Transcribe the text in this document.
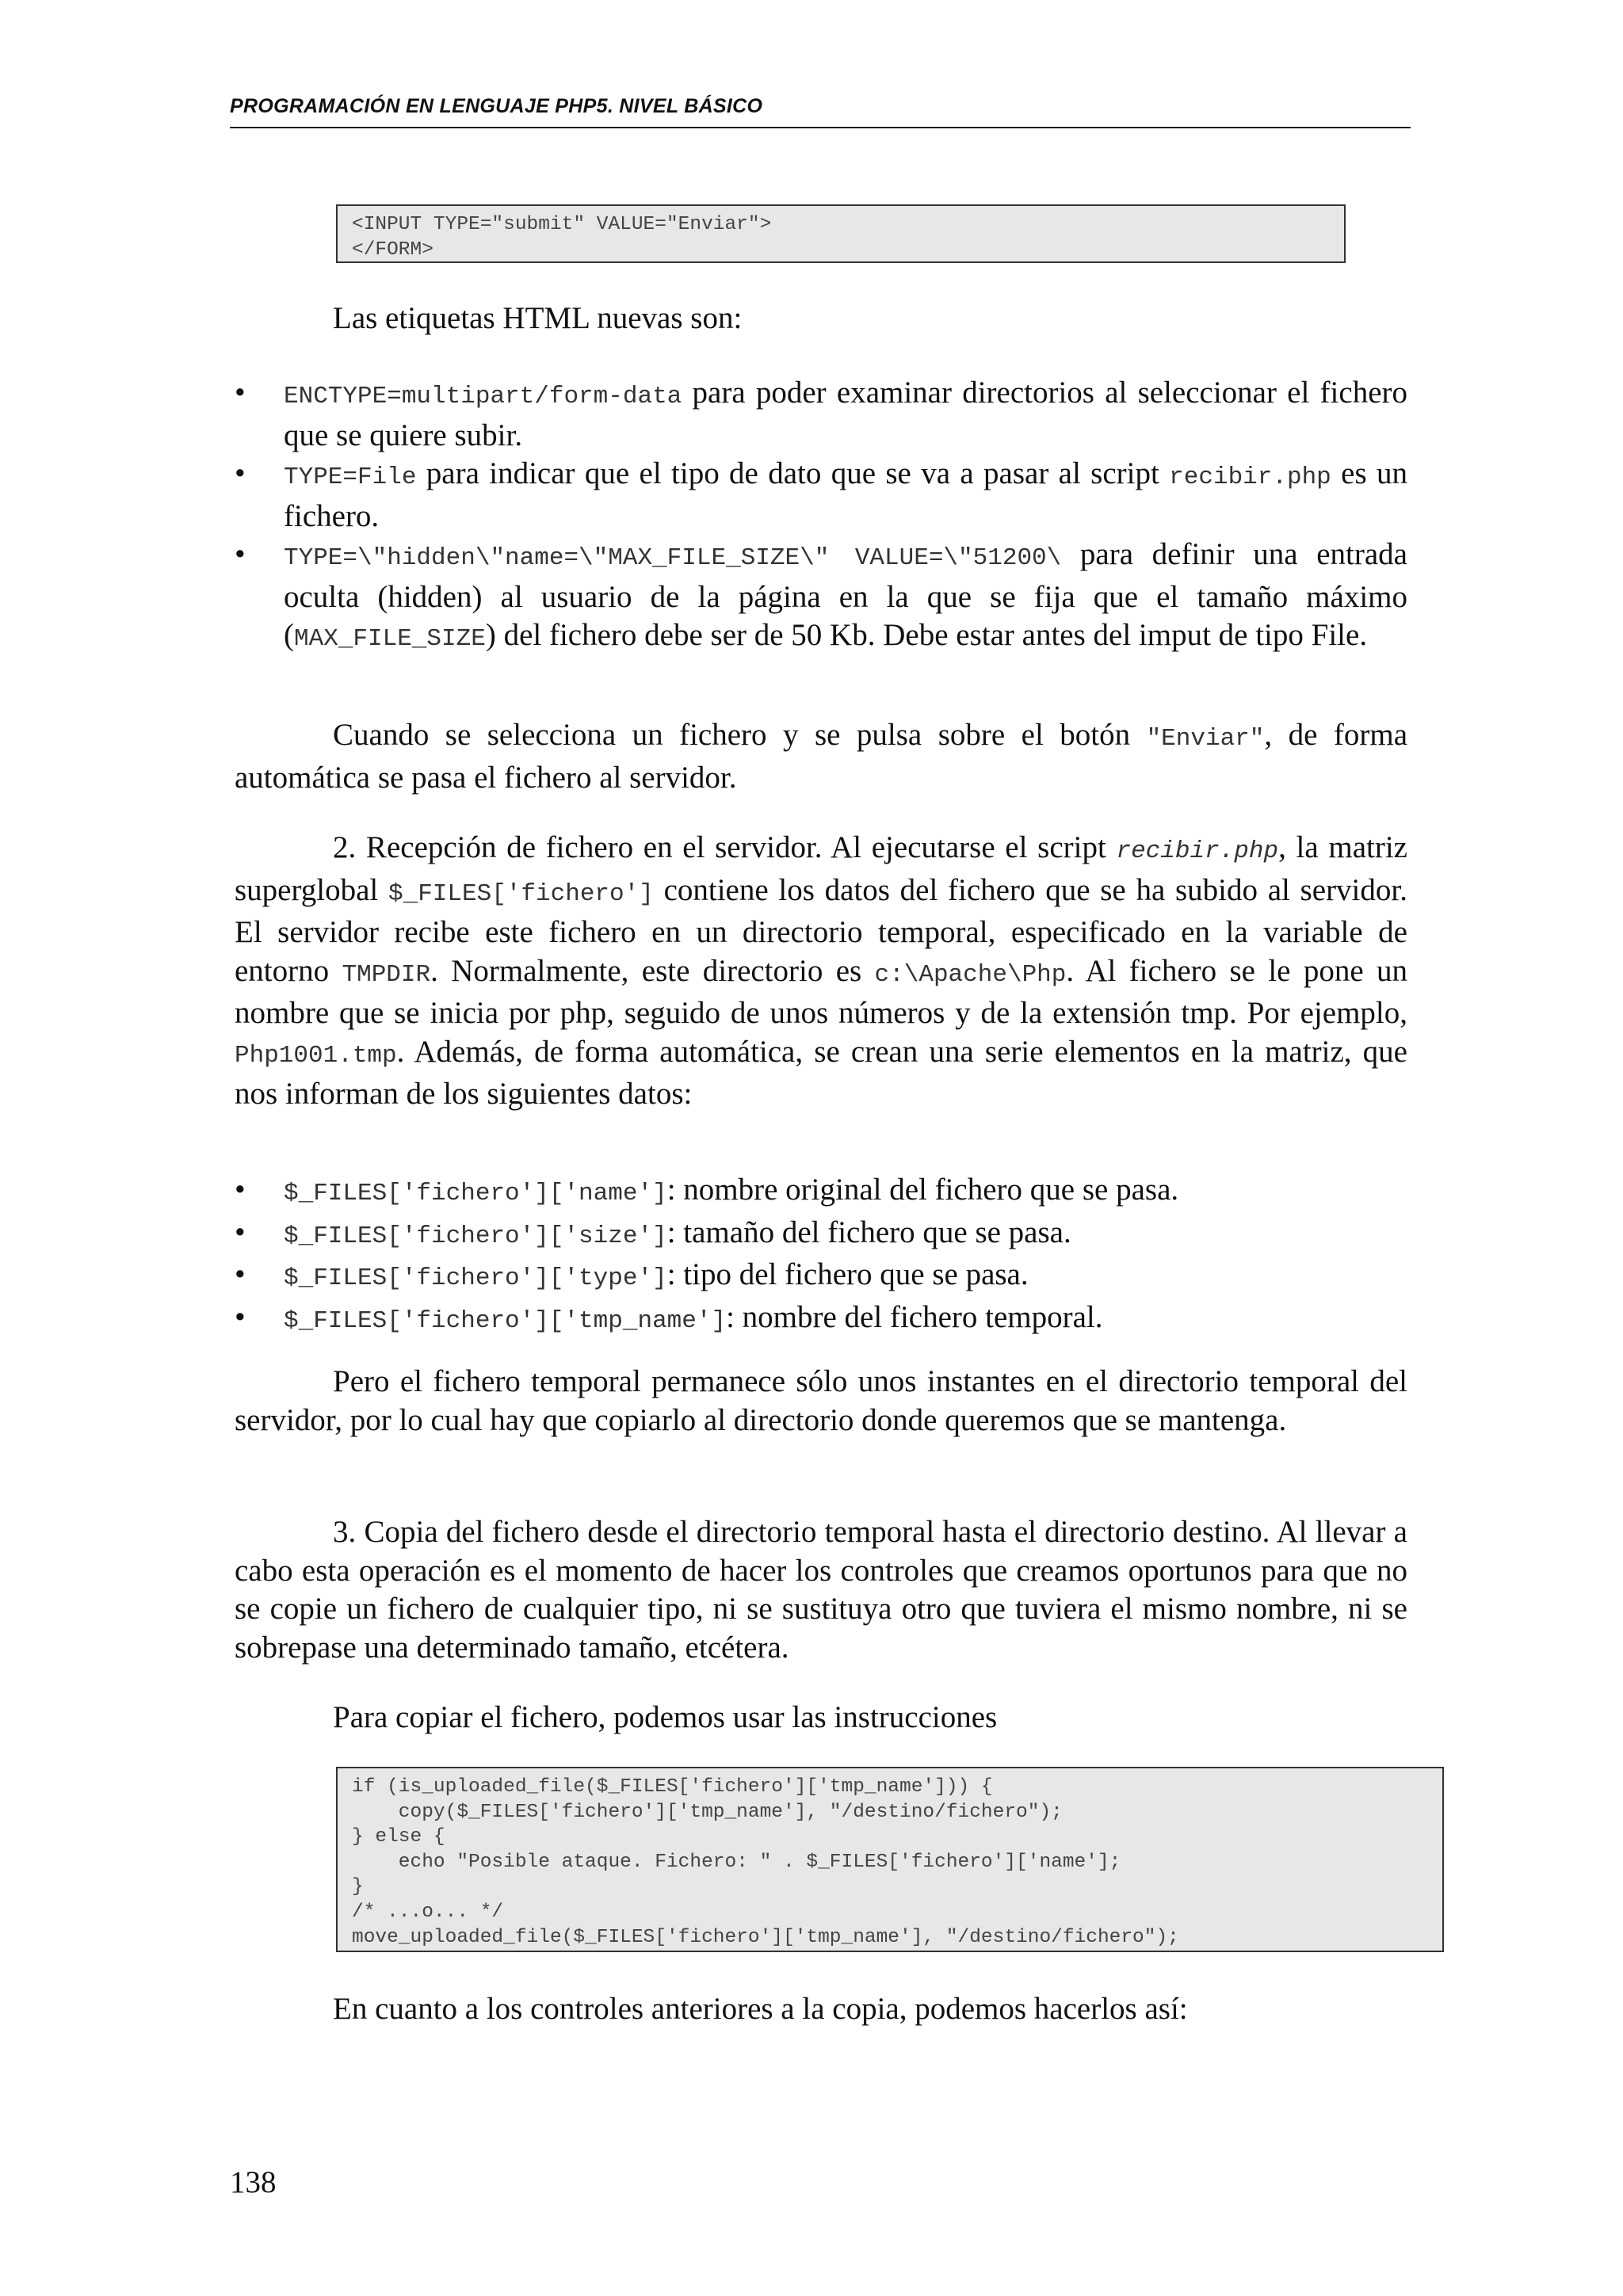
PROGRAMACIÓN EN LENGUAJE PHP5. NIVEL BÁSICO
<INPUT TYPE="submit" VALUE="Enviar">
</FORM>
Las etiquetas HTML nuevas son:
• ENCTYPE=multipart/form-data para poder examinar directorios al seleccionar el fichero que se quiere subir.
• TYPE=File para indicar que el tipo de dato que se va a pasar al script recibir.php es un fichero.
• TYPE=\"hidden\"name=\"MAX_FILE_SIZE\" VALUE=\"51200\ para definir una entrada oculta (hidden) al usuario de la página en la que se fija que el tamaño máximo (MAX_FILE_SIZE) del fichero debe ser de 50 Kb. Debe estar antes del imput de tipo File.
Cuando se selecciona un fichero y se pulsa sobre el botón "Enviar", de forma automática se pasa el fichero al servidor.
2. Recepción de fichero en el servidor. Al ejecutarse el script recibir.php, la matriz superglobal $_FILES['fichero'] contiene los datos del fichero que se ha subido al servidor. El servidor recibe este fichero en un directorio temporal, especificado en la variable de entorno TMPDIR. Normalmente, este directorio es c:\Apache\Php. Al fichero se le pone un nombre que se inicia por php, seguido de unos números y de la extensión tmp. Por ejemplo, Php1001.tmp. Además, de forma automática, se crean una serie elementos en la matriz, que nos informan de los siguientes datos:
• $_FILES['fichero']['name']: nombre original del fichero que se pasa.
• $_FILES['fichero']['size']: tamaño del fichero que se pasa.
• $_FILES['fichero']['type']: tipo del fichero que se pasa.
• $_FILES['fichero']['tmp_name']: nombre del fichero temporal.
Pero el fichero temporal permanece sólo unos instantes en el directorio temporal del servidor, por lo cual hay que copiarlo al directorio donde queremos que se mantenga.
3. Copia del fichero desde el directorio temporal hasta el directorio destino. Al llevar a cabo esta operación es el momento de hacer los controles que creamos oportunos para que no se copie un fichero de cualquier tipo, ni se sustituya otro que tuviera el mismo nombre, ni se sobrepase una determinado tamaño, etcétera.
Para copiar el fichero, podemos usar las instrucciones
if (is_uploaded_file($_FILES['fichero']['tmp_name'])) {
copy($_FILES['fichero']['tmp_name'], "/destino/fichero");
} else {
echo "Posible ataque. Fichero: " . $_FILES['fichero']['name'];
}
/* ...o... */
move_uploaded_file($_FILES['fichero']['tmp_name'], "/destino/fichero");
En cuanto a los controles anteriores a la copia, podemos hacerlos así:
138
